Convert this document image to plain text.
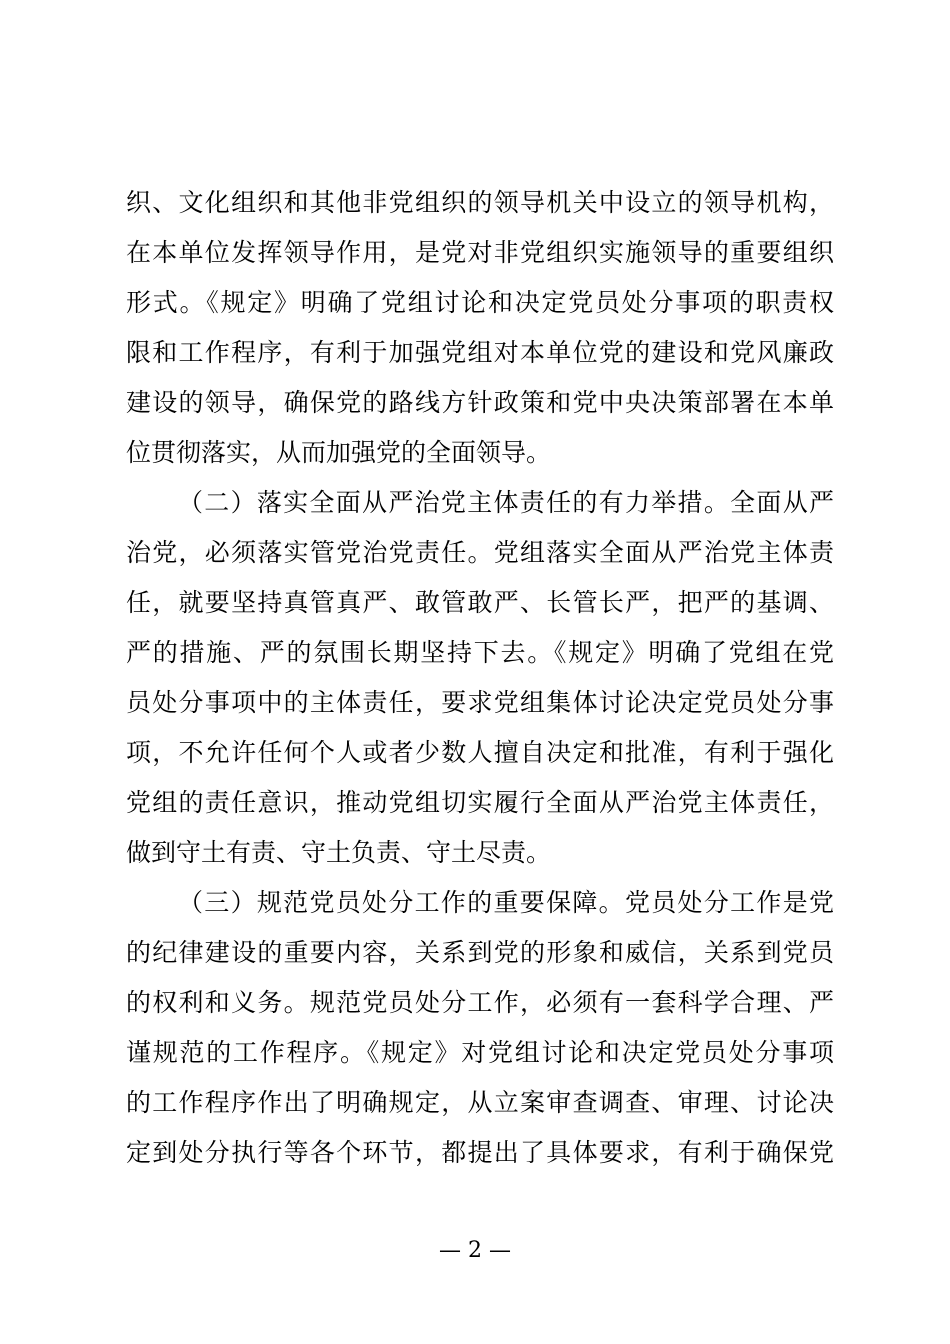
织、文化组织和其他非党组织的领导机关中设立的领导机构，
在本单位发挥领导作用，是党对非党组织实施领导的重要组织
形式。《规定》明确了党组讨论和决定党员处分事项的职责权
限和工作程序，有利于加强党组对本单位党的建设和党风廉政
建设的领导，确保党的路线方针政策和党中央决策部署在本单
位贯彻落实，从而加强党的全面领导。
（二）落实全面从严治党主体责任的有力举措。全面从严
治党，必须落实管党治党责任。党组落实全面从严治党主体责
任，就要坚持真管真严、敢管敢严、长管长严，把严的基调、
严的措施、严的氛围长期坚持下去。《规定》明确了党组在党
员处分事项中的主体责任，要求党组集体讨论决定党员处分事
项，不允许任何个人或者少数人擅自决定和批准，有利于强化
党组的责任意识，推动党组切实履行全面从严治党主体责任，
做到守土有责、守土负责、守土尽责。
（三）规范党员处分工作的重要保障。党员处分工作是党
的纪律建设的重要内容，关系到党的形象和威信，关系到党员
的权利和义务。规范党员处分工作，必须有一套科学合理、严
谨规范的工作程序。《规定》对党组讨论和决定党员处分事项
的工作程序作出了明确规定，从立案审查调查、审理、讨论决
定到处分执行等各个环节，都提出了具体要求，有利于确保党
— 2 —
